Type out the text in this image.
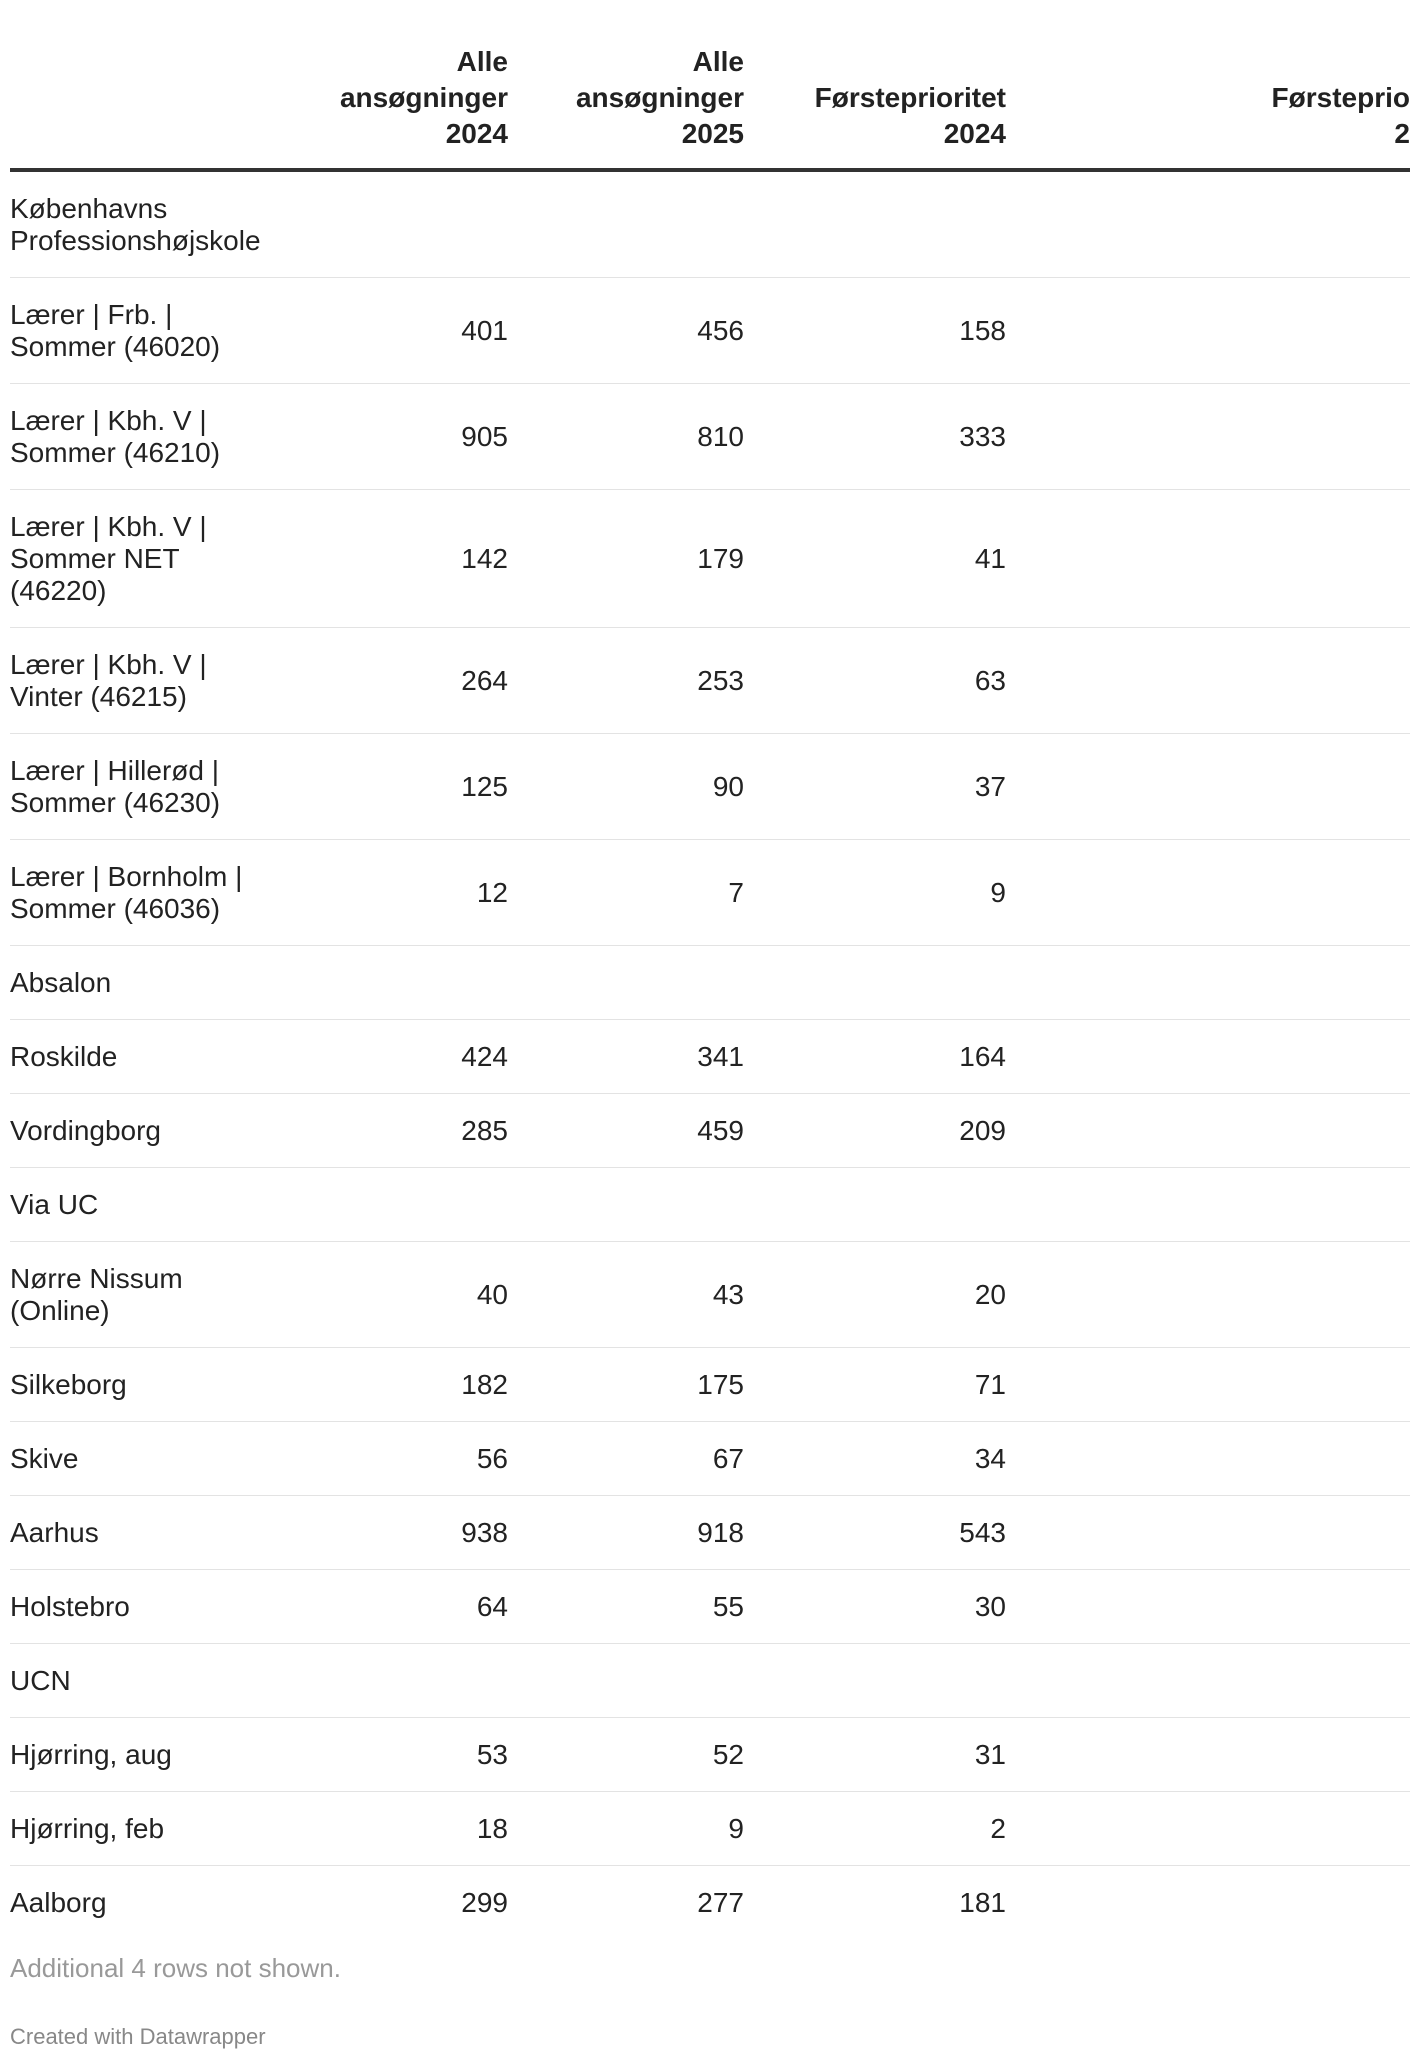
	Alle
ansøgninger
2024	Alle
ansøgninger
2025	Førsteprioritet
2024	Førsteprio
2

Københavns
Professionshøjskole				

Lærer | Frb. |
Sommer (46020)	401	456	158	

Lærer | Kbh. V |
Sommer (46210)	905	810	333	

Lærer | Kbh. V |
Sommer NET
(46220)	142	179	41	

Lærer | Kbh. V |
Vinter (46215)	264	253	63	

Lærer | Hillerød |
Sommer (46230)	125	90	37	

Lærer | Bornholm |
Sommer (46036)	12	7	9	

Absalon				

Roskilde	424	341	164	

Vordingborg	285	459	209	

Via UC				

Nørre Nissum
(Online)	40	43	20	

Silkeborg	182	175	71	

Skive	56	67	34	

Aarhus	938	918	543	

Holstebro	64	55	30	

UCN				

Hjørring, aug	53	52	31	

Hjørring, feb	18	9	2	

Aalborg	299	277	181	
Additional 4 rows not shown.
Created with Datawrapper
